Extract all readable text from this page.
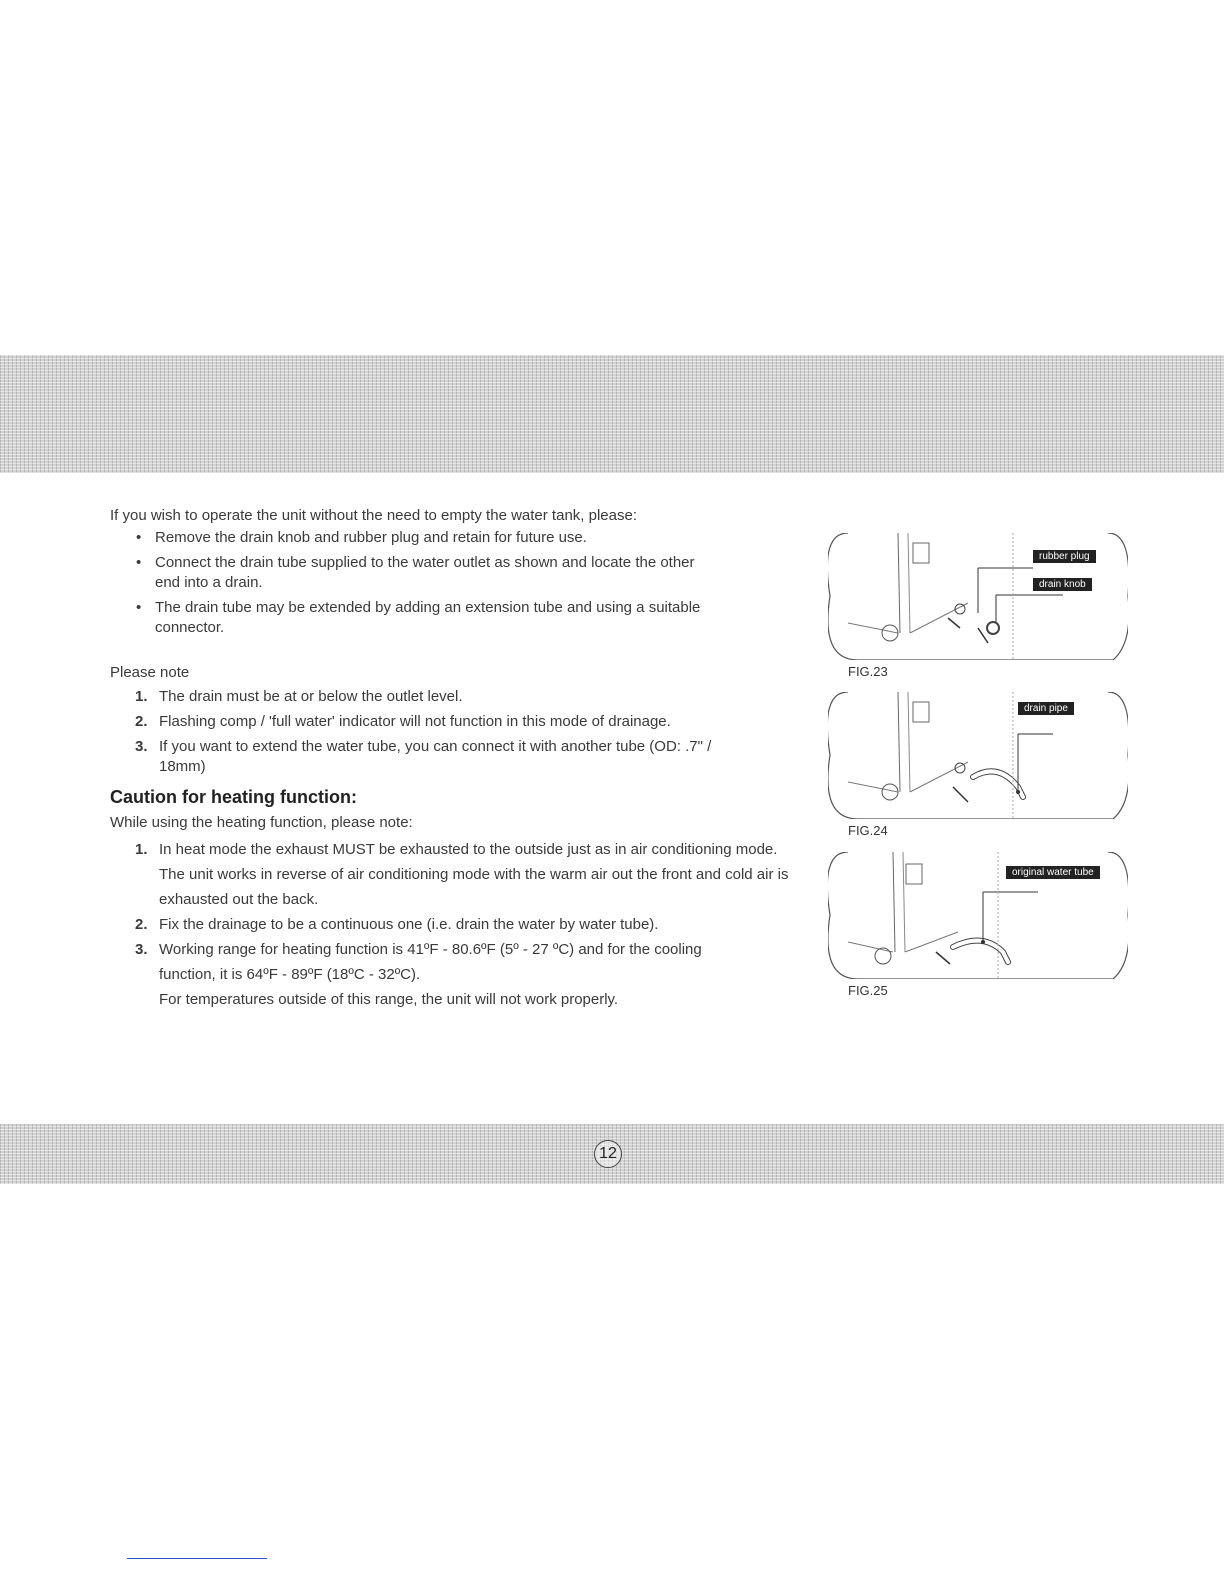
If you wish to operate the unit without the need to empty the water tank, please:
• Remove the drain knob and rubber plug and retain for future use.
• Connect the drain tube supplied to the water outlet as shown and locate the other end into a drain.
• The drain tube may be extended by adding an extension tube and using a suitable connector.
Please note
1. The drain must be at or below the outlet level.
2. Flashing comp / 'full water' indicator will not function in this mode of drainage.
3. If you want to extend the water tube, you can connect it with another tube (OD: .7" / 18mm)
Caution for heating function:
While using the heating function, please note:
1. In heat mode the exhaust MUST be exhausted to the outside just as in air conditioning mode. The unit works in reverse of air conditioning mode with the warm air out the front and cold air is exhausted out the back.
2. Fix the drainage to be a continuous one (i.e. drain the water by water tube).
3. Working range for heating function is 41ºF - 80.6ºF (5º - 27 ºC) and for the cooling function, it is 64ºF - 89ºF (18ºC - 32ºC).
For temperatures outside of this range, the unit will not work properly.
rubber plug
drain knob
FIG.23
drain pipe
FIG.24
original water tube
FIG.25
12
